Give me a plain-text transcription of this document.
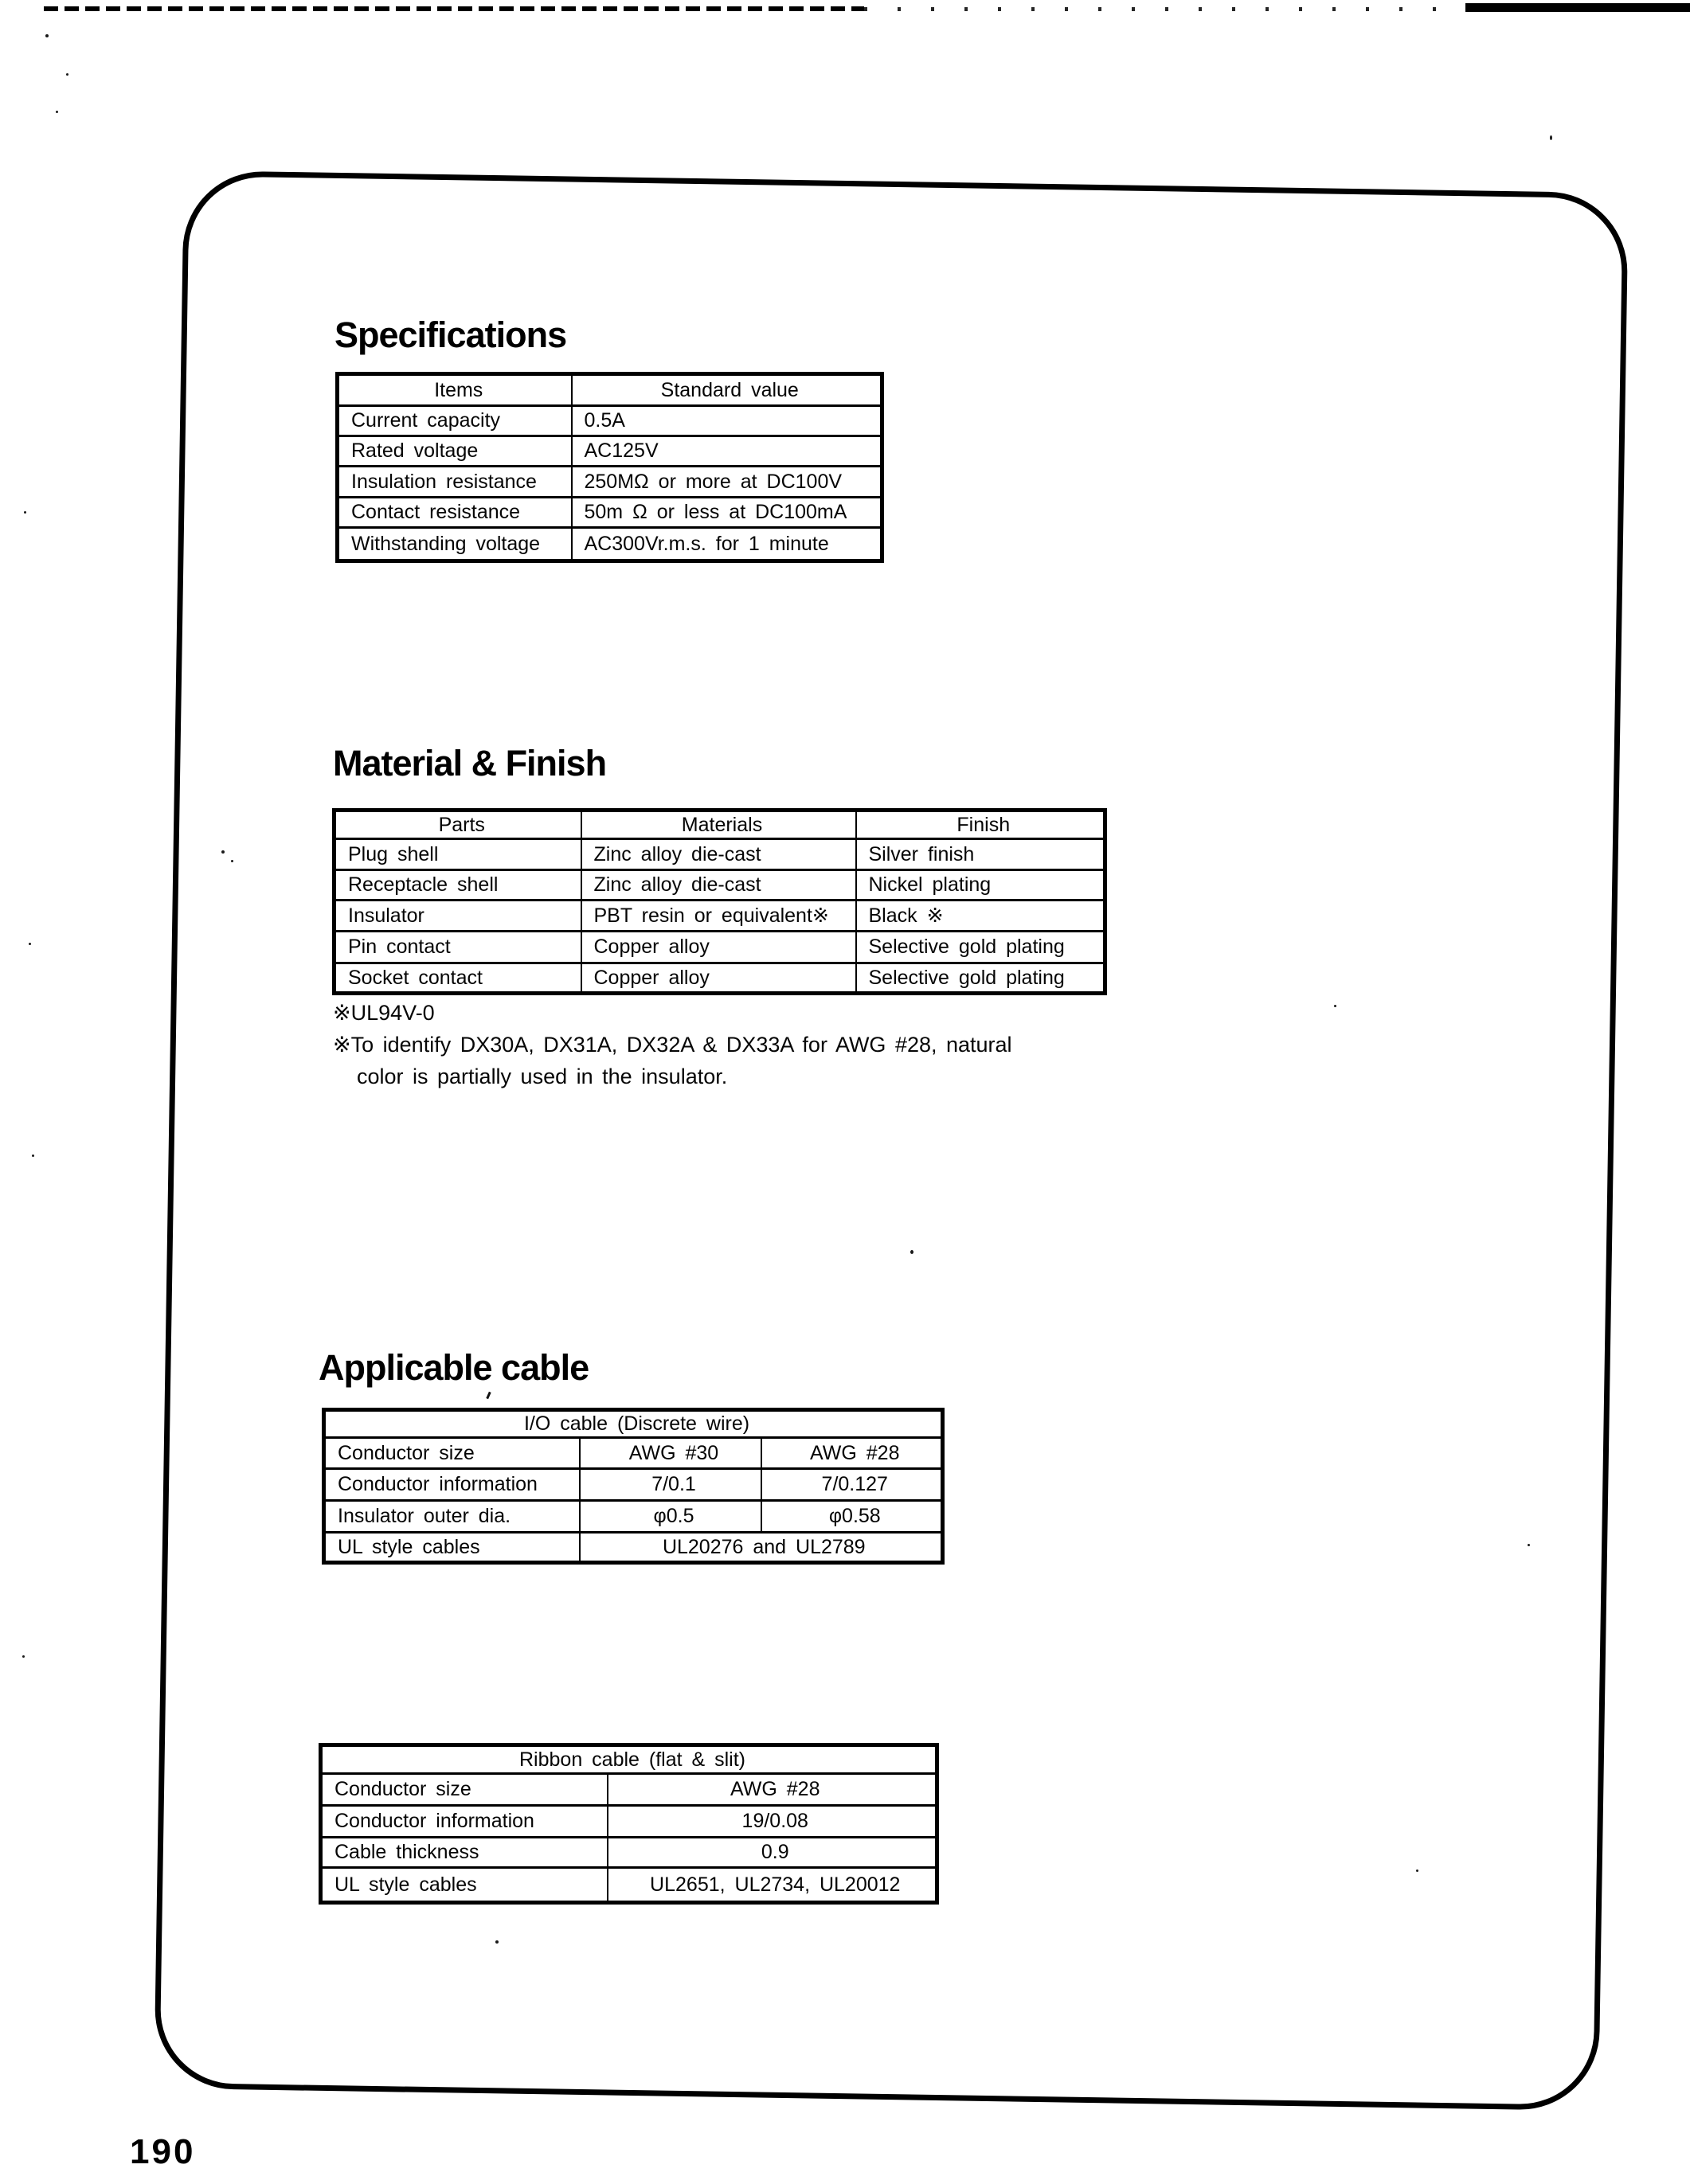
Specifications
Items	Standard value
Current capacity	0.5A
Rated voltage	AC125V
Insulation resistance	250MΩ or more at DC100V
Contact resistance	50m Ω or less at DC100mA
Withstanding voltage	AC300Vr.m.s. for 1 minute
Material & Finish
Parts	Materials	Finish
Plug shell	Zinc alloy die-cast	Silver finish
Receptacle shell	Zinc alloy die-cast	Nickel plating
Insulator	PBT resin or equivalent※	Black ※
Pin contact	Copper alloy	Selective gold plating
Socket contact	Copper alloy	Selective gold plating
※UL94V-0
※To identify DX30A, DX31A, DX32A & DX33A for AWG #28, natural
color is partially used in the insulator.
Applicable cable
I/O cable (Discrete wire)		
Conductor size	AWG #30	AWG #28
Conductor information	7/0.1	7/0.127
Insulator outer dia.	φ0.5	φ0.58
UL style cables	UL20276 and UL2789	
Ribbon cable (flat & slit)	
Conductor size	AWG #28
Conductor information	19/0.08
Cable thickness	0.9
UL style cables	UL2651, UL2734, UL20012
190
